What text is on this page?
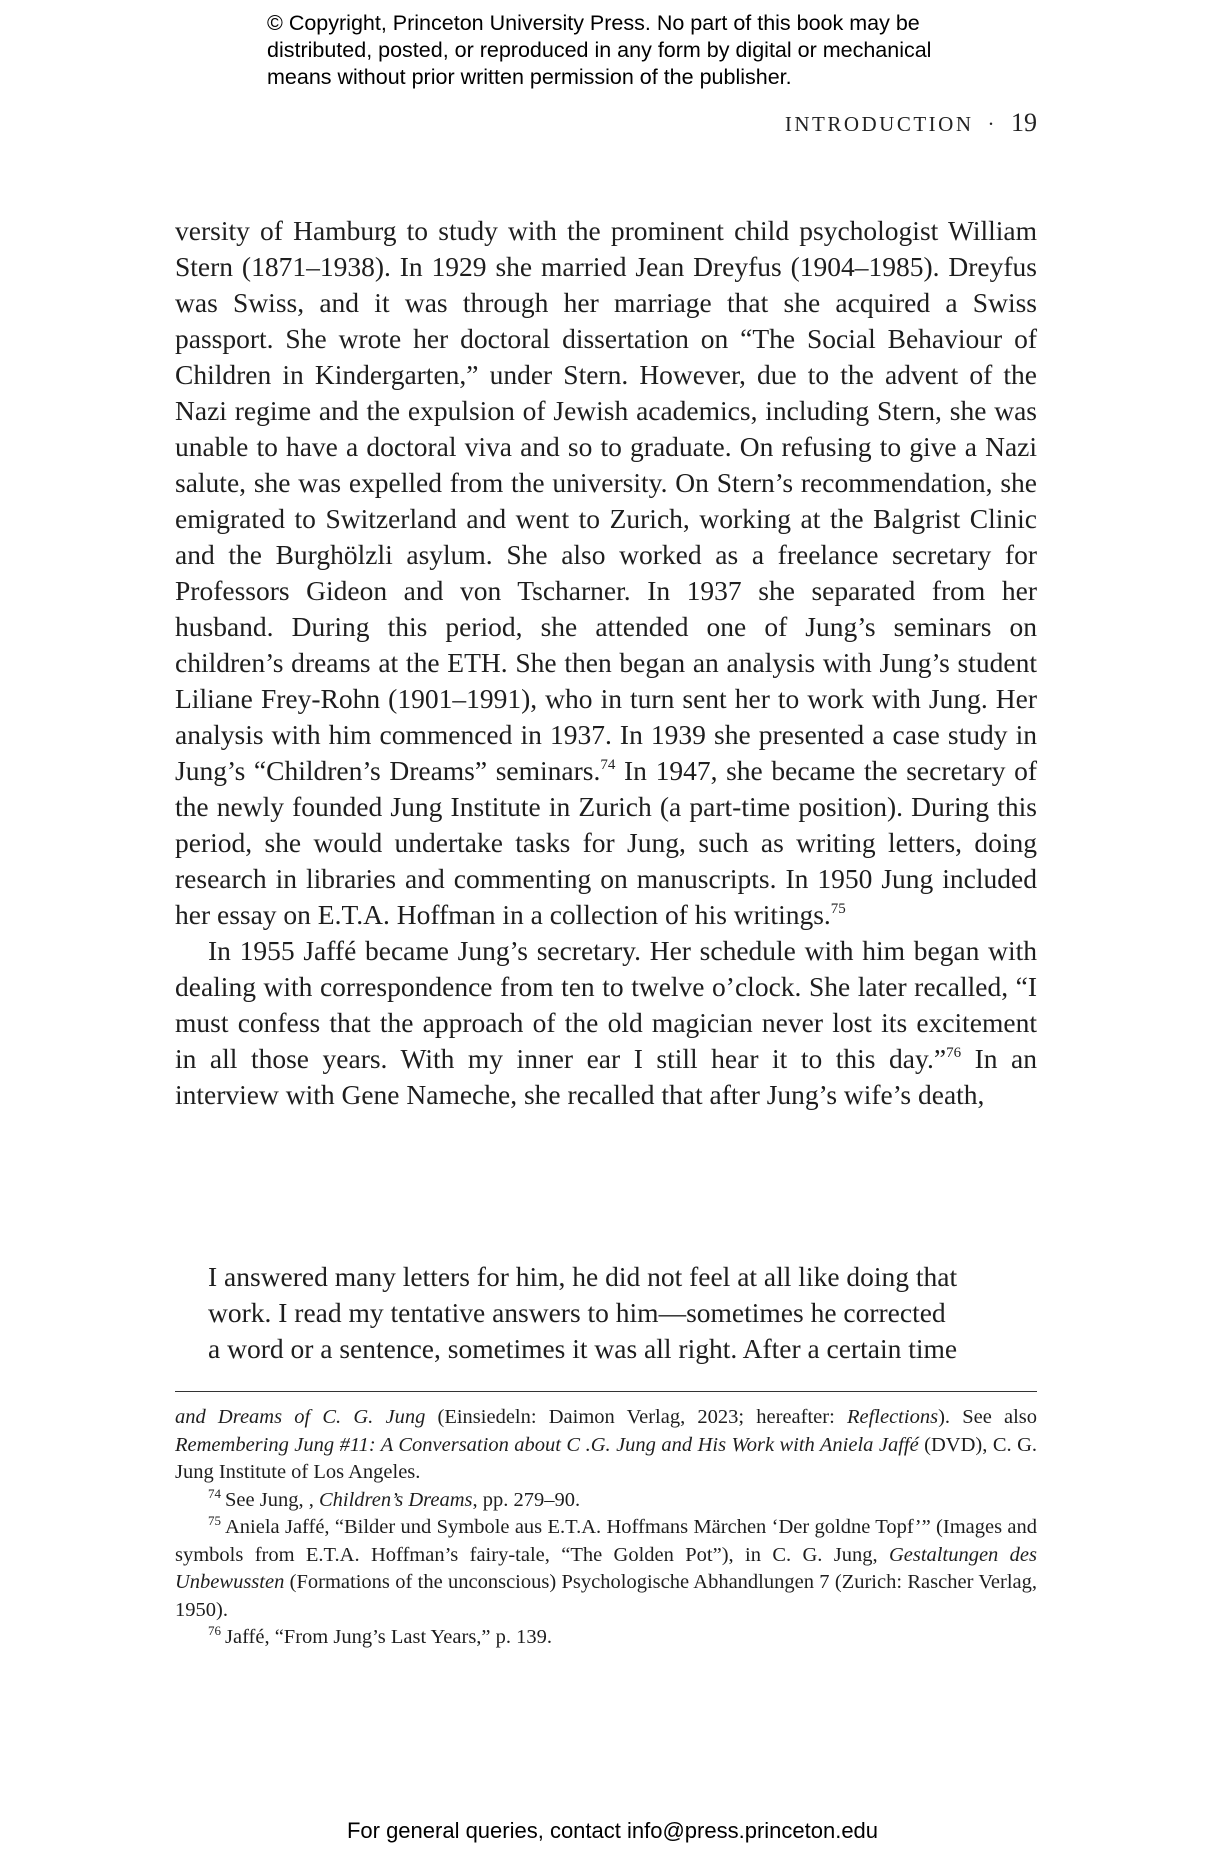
© Copyright, Princeton University Press. No part of this book may be
distributed, posted, or reproduced in any form by digital or mechanical
means without prior written permission of the publisher.
INTRODUCTION · 19

versity of Hamburg to study with the prominent child psychologist William Stern (1871–1938). In 1929 she married Jean Dreyfus (1904–1985). Dreyfus was Swiss, and it was through her marriage that she acquired a Swiss passport. She wrote her doctoral dissertation on “The Social Behaviour of Children in Kindergarten,” under Stern. However, due to the advent of the Nazi regime and the expulsion of Jewish academics, including Stern, she was unable to have a doctoral viva and so to graduate. On refusing to give a Nazi salute, she was expelled from the university. On Stern’s recommendation, she emigrated to Switzerland and went to Zurich, working at the Balgrist Clinic and the Burghölzli asylum. She also worked as a freelance secretary for Professors Gideon and von Tscharner. In 1937 she separated from her husband. During this period, she attended one of Jung’s seminars on children’s dreams at the ETH. She then began an analysis with Jung’s student Liliane Frey-Rohn (1901–1991), who in turn sent her to work with Jung. Her analysis with him commenced in 1937. In 1939 she presented a case study in Jung’s “Children’s Dreams” seminars.$^{74}$ In 1947, she became the secretary of the newly founded Jung Institute in Zurich (a part-time position). During this period, she would undertake tasks for Jung, such as writing letters, doing research in libraries and commenting on manuscripts. In 1950 Jung included her essay on E.T.A. Hoffman in a collection of his writings.$^{75}$

In 1955 Jaffé became Jung’s secretary. Her schedule with him began with dealing with correspondence from ten to twelve o’clock. She later recalled, “I must confess that the approach of the old magician never lost its excitement in all those years. With my inner ear I still hear it to this day.”$^{76}$ In an interview with Gene Nameche, she recalled that after Jung’s wife’s death,

I answered many letters for him, he did not feel at all like doing that
work. I read my tentative answers to him—sometimes he corrected
a word or a sentence, sometimes it was all right. After a certain time

and Dreams of C. G. Jung (Einsiedeln: Daimon Verlag, 2023; hereafter: Reflections). See also Remembering Jung #11: A Conversation about C .G. Jung and His Work with Aniela Jaffé (DVD), C. G. Jung Institute of Los Angeles.

$^{74}$ See Jung, , Children’s Dreams, pp. 279–90.

$^{75}$ Aniela Jaffé, “Bilder und Symbole aus E.T.A. Hoffmans Märchen ‘Der goldne Topf’” (Images and symbols from E.T.A. Hoffman’s fairy-tale, “The Golden Pot”), in C. G. Jung, Gestaltungen des Unbewussten (Formations of the unconscious) Psychologische Abhandlungen 7 (Zurich: Rascher Verlag, 1950).

$^{76}$ Jaffé, “From Jung’s Last Years,” p. 139.

For general queries, contact info@press.princeton.edu
